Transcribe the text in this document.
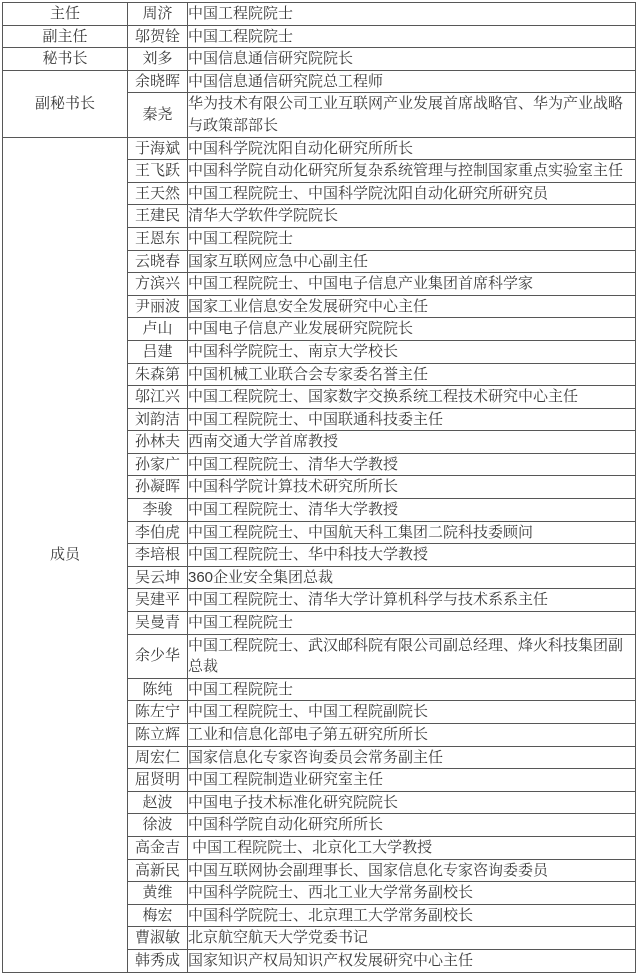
主任	周济	中国工程院院士
副主任	邬贺铨	中国工程院院士
秘书长	刘多	中国信息通信研究院院长
副秘书长	余晓晖	中国信息通信研究院总工程师
	秦尧	华为技术有限公司工业互联网产业发展首席战略官、华为产业战略与政策部部长
成员	于海斌	中国科学院沈阳自动化研究所所长
	王飞跃	中国科学院自动化研究所复杂系统管理与控制国家重点实验室主任
	王天然	中国工程院院士、中国科学院沈阳自动化研究所研究员
	王建民	清华大学软件学院院长
	王恩东	中国工程院院士
	云晓春	国家互联网应急中心副主任
	方滨兴	中国工程院院士、中国电子信息产业集团首席科学家
	尹丽波	国家工业信息安全发展研究中心主任
	卢山	中国电子信息产业发展研究院院长
	吕建	中国科学院院士、南京大学校长
	朱森第	中国机械工业联合会专家委名誉主任
	邬江兴	中国工程院院士、国家数字交换系统工程技术研究中心主任
	刘韵洁	中国工程院院士、中国联通科技委主任
	孙林夫	西南交通大学首席教授
	孙家广	中国工程院院士、清华大学教授
	孙凝晖	中国科学院计算技术研究所所长
	李骏	中国工程院院士、清华大学教授
	李伯虎	中国工程院院士、中国航天科工集团二院科技委顾问
	李培根	中国工程院院士、华中科技大学教授
	吴云坤	360企业安全集团总裁
	吴建平	中国工程院院士、清华大学计算机科学与技术系系主任
	吴曼青	中国工程院院士
	余少华	中国工程院院士、武汉邮科院有限公司副总经理、烽火科技集团副总裁
	陈纯	中国工程院院士
	陈左宁	中国工程院院士、中国工程院副院长
	陈立辉	工业和信息化部电子第五研究所所长
	周宏仁	国家信息化专家咨询委员会常务副主任
	屈贤明	中国工程院制造业研究室主任
	赵波	中国电子技术标准化研究院院长
	徐波	中国科学院自动化研究所所长
	高金吉	中国工程院院士、北京化工大学教授
	高新民	中国互联网协会副理事长、国家信息化专家咨询委委员
	黄维	中国科学院院士、西北工业大学常务副校长
	梅宏	中国科学院院士、北京理工大学常务副校长
	曹淑敏	北京航空航天大学党委书记
	韩秀成	国家知识产权局知识产权发展研究中心主任
